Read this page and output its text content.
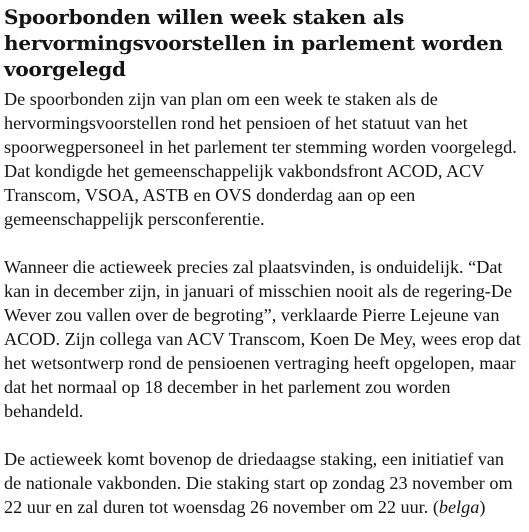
Spoorbonden willen week staken als hervormingsvoorstellen in parlement worden voorgelegd

De spoorbonden zijn van plan om een week te staken als de hervormingsvoorstellen rond het pensioen of het statuut van het spoorwegpersoneel in het parlement ter stemming worden voorgelegd. Dat kondigde het gemeenschappelijk vakbondsfront ACOD, ACV Transcom, VSOA, ASTB en OVS donderdag aan op een gemeenschappelijk persconferentie.

Wanneer die actieweek precies zal plaatsvinden, is onduidelijk. “Dat kan in december zijn, in januari of misschien nooit als de regering-De Wever zou vallen over de begroting”, verklaarde Pierre Lejeune van ACOD. Zijn collega van ACV Transcom, Koen De Mey, wees erop dat het wetsontwerp rond de pensioenen vertraging heeft opgelopen, maar dat het normaal op 18 december in het parlement zou worden behandeld.

De actieweek komt bovenop de driedaagse staking, een initiatief van de nationale vakbonden. Die staking start op zondag 23 november om 22 uur en zal duren tot woensdag 26 november om 22 uur. (belga)
